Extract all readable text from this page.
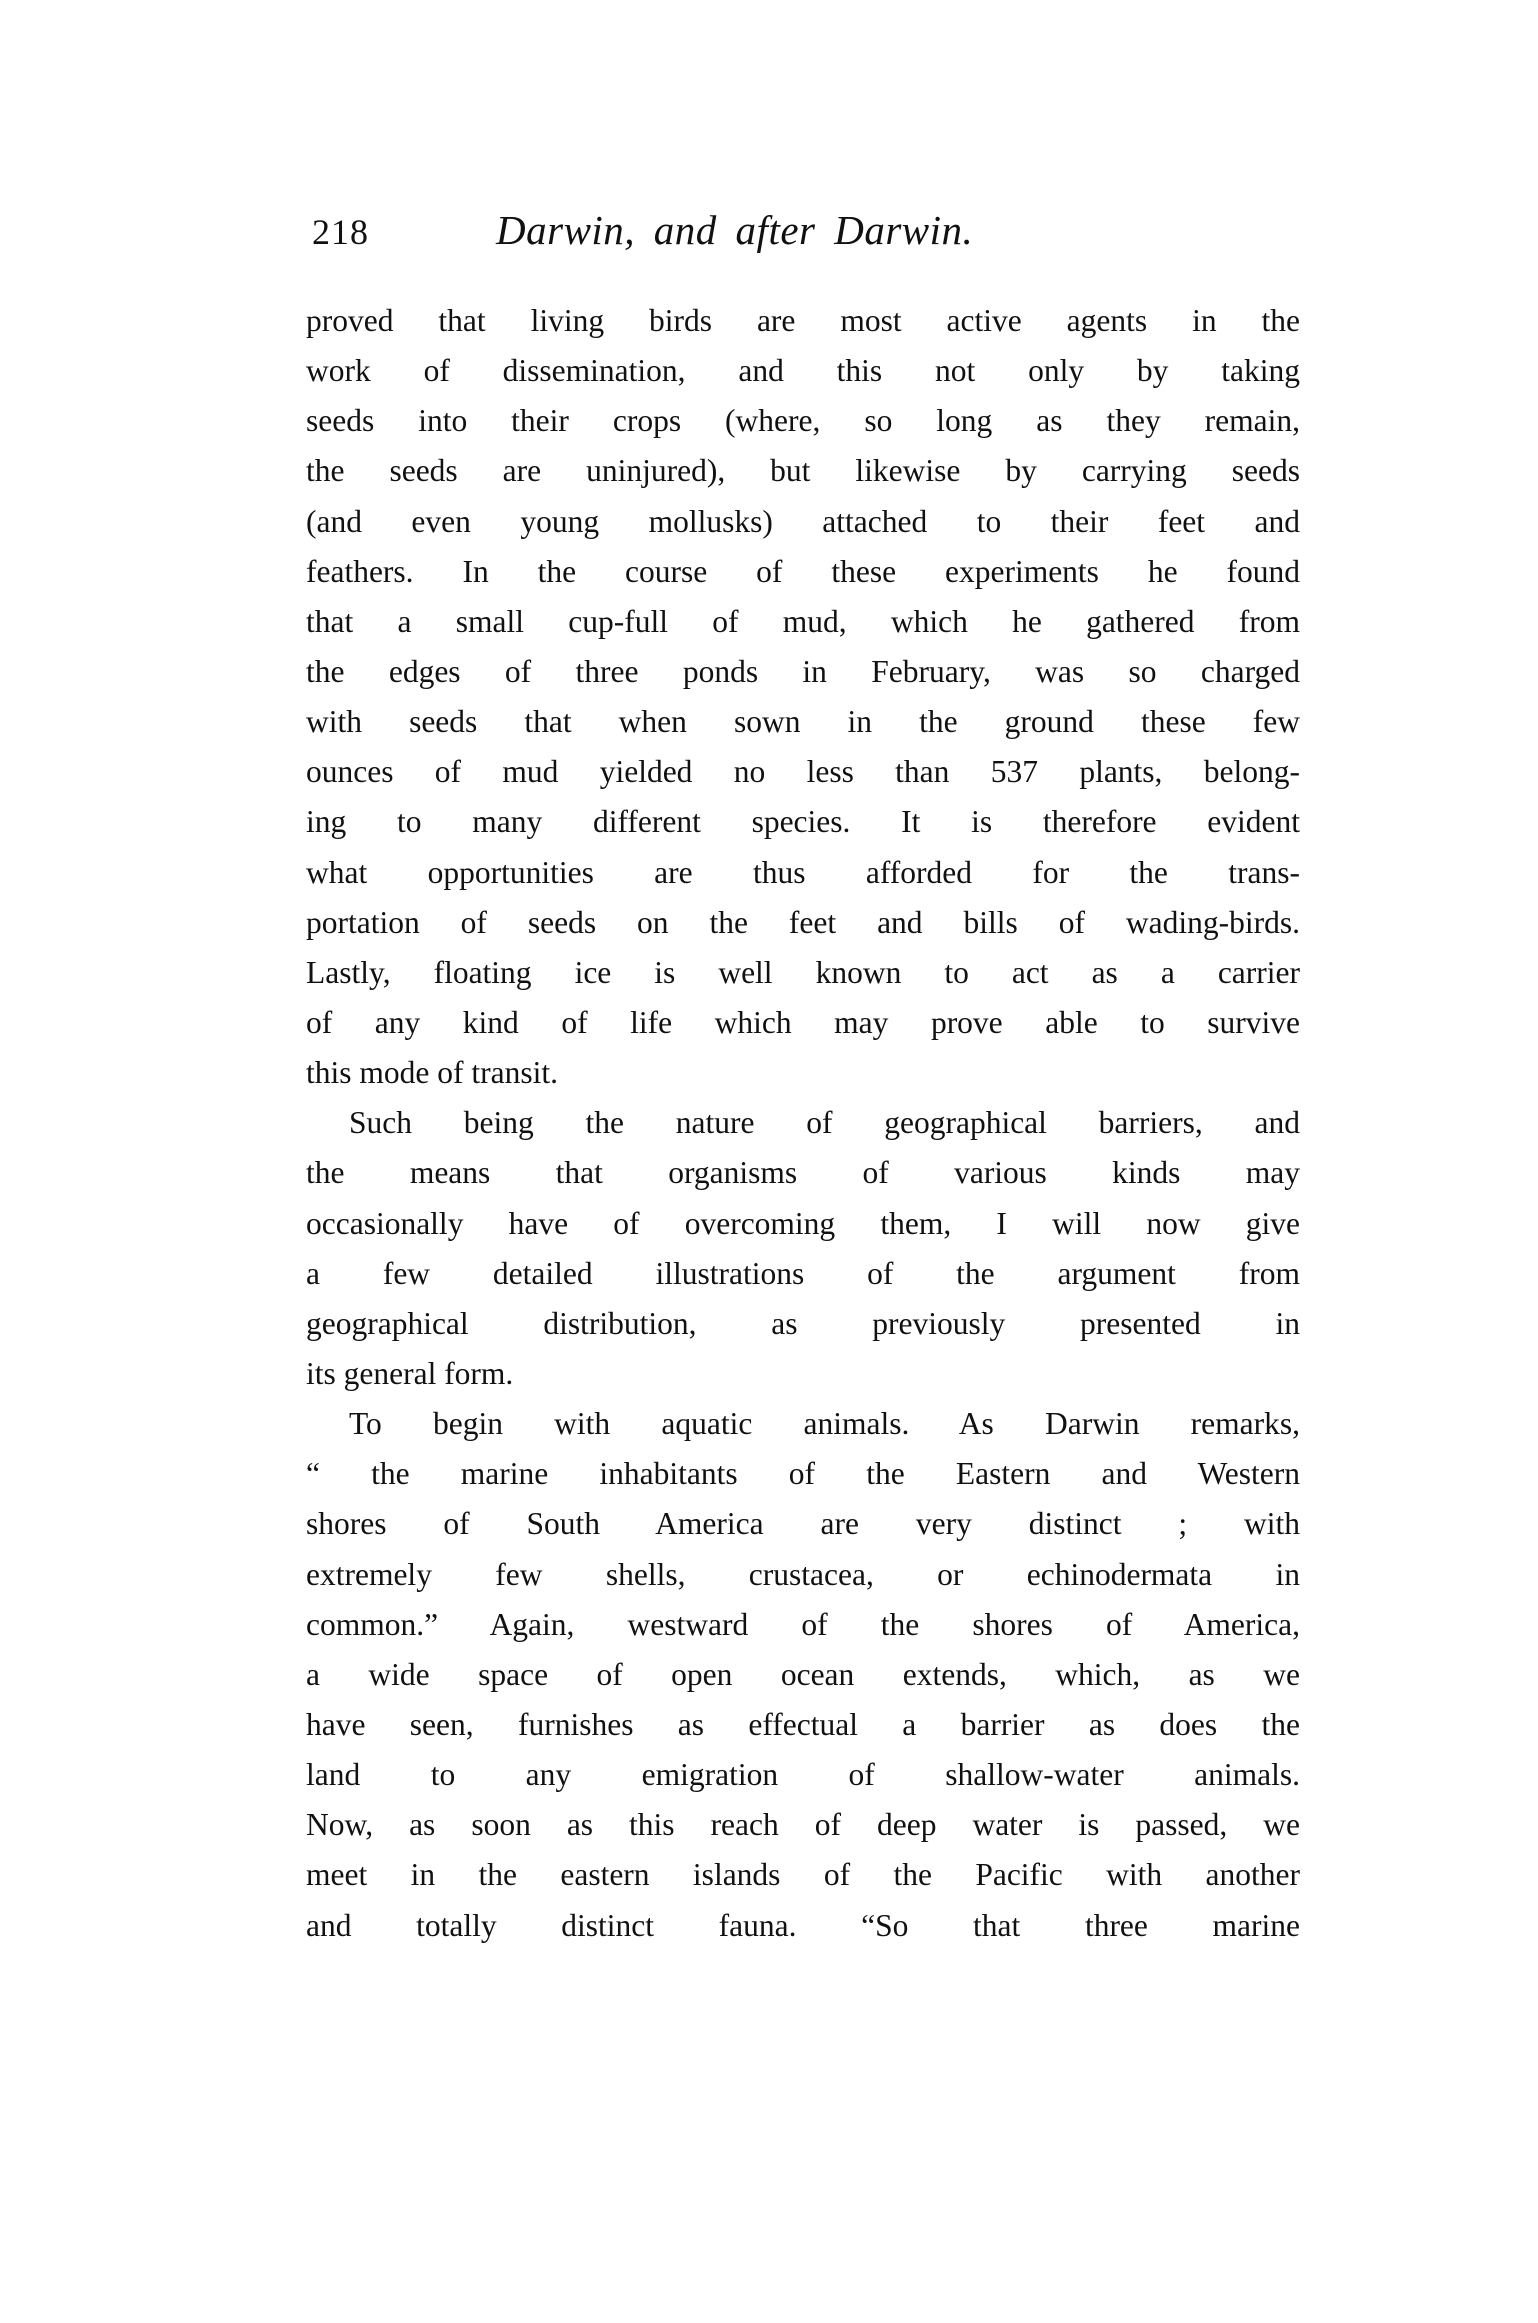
218	Darwin, and after Darwin.
proved that living birds are most active agents in the
work of dissemination, and this not only by taking
seeds into their crops (where, so long as they remain,
the seeds are uninjured), but likewise by carrying seeds
(and even young mollusks) attached to their feet and
feathers. In the course of these experiments he found
that a small cup-full of mud, which he gathered from
the edges of three ponds in February, was so charged
with seeds that when sown in the ground these few
ounces of mud yielded no less than 537 plants, belong-
ing to many different species. It is therefore evident
what opportunities are thus afforded for the trans-
portation of seeds on the feet and bills of wading-birds.
Lastly, floating ice is well known to act as a carrier
of any kind of life which may prove able to survive
this mode of transit.
Such being the nature of geographical barriers, and
the means that organisms of various kinds may
occasionally have of overcoming them, I will now give
a few detailed illustrations of the argument from
geographical distribution, as previously presented in
its general form.
To begin with aquatic animals. As Darwin remarks,
“ the marine inhabitants of the Eastern and Western
shores of South America are very distinct ; with
extremely few shells, crustacea, or echinodermata in
common.” Again, westward of the shores of America,
a wide space of open ocean extends, which, as we
have seen, furnishes as effectual a barrier as does the
land to any emigration of shallow-water animals.
Now, as soon as this reach of deep water is passed, we
meet in the eastern islands of the Pacific with another
and totally distinct fauna. “So that three marine
